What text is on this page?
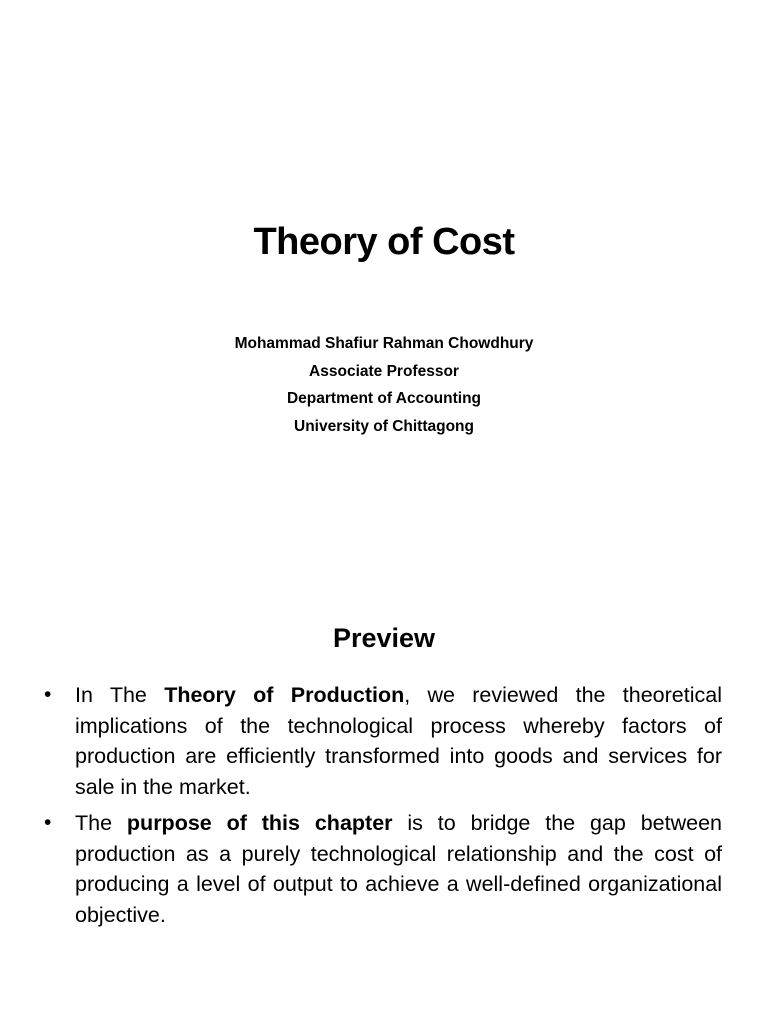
Theory of Cost
Mohammad Shafiur Rahman Chowdhury
Associate Professor
Department of Accounting
University of Chittagong
Preview
• In The Theory of Production, we reviewed the theoretical implications of the technological process whereby factors of production are efficiently transformed into goods and services for sale in the market.
• The purpose of this chapter is to bridge the gap between production as a purely technological relationship and the cost of producing a level of output to achieve a well-defined organizational objective.
